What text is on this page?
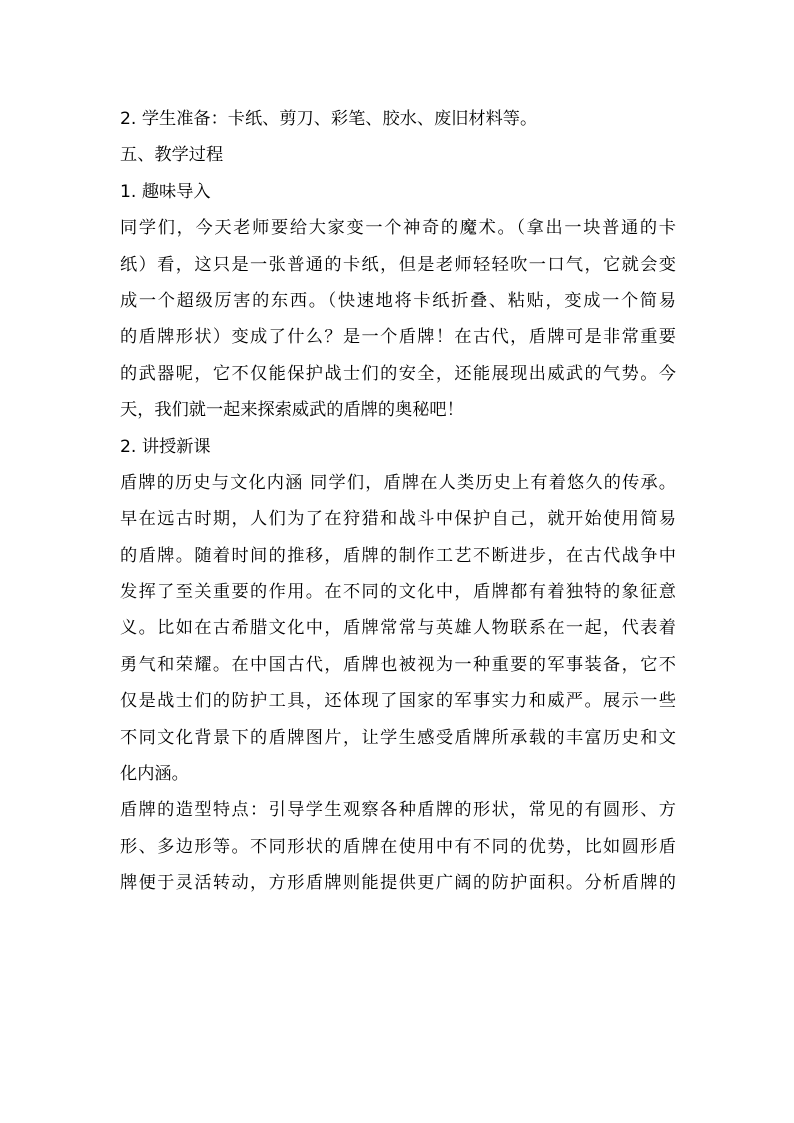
2. 学生准备：卡纸、剪刀、彩笔、胶水、废旧材料等。
五、教学过程
1. 趣味导入
同学们，今天老师要给大家变一个神奇的魔术。（拿出一块普通的卡
纸）看，这只是一张普通的卡纸，但是老师轻轻吹一口气，它就会变
成一个超级厉害的东西。（快速地将卡纸折叠、粘贴，变成一个简易
的盾牌形状）变成了什么？是一个盾牌！在古代，盾牌可是非常重要
的武器呢，它不仅能保护战士们的安全，还能展现出威武的气势。今
天，我们就一起来探索威武的盾牌的奥秘吧！
2. 讲授新课
盾牌的历史与文化内涵 同学们，盾牌在人类历史上有着悠久的传承。
早在远古时期，人们为了在狩猎和战斗中保护自己，就开始使用简易
的盾牌。随着时间的推移，盾牌的制作工艺不断进步，在古代战争中
发挥了至关重要的作用。在不同的文化中，盾牌都有着独特的象征意
义。比如在古希腊文化中，盾牌常常与英雄人物联系在一起，代表着
勇气和荣耀。在中国古代，盾牌也被视为一种重要的军事装备，它不
仅是战士们的防护工具，还体现了国家的军事实力和威严。展示一些
不同文化背景下的盾牌图片，让学生感受盾牌所承载的丰富历史和文
化内涵。
盾牌的造型特点：引导学生观察各种盾牌的形状，常见的有圆形、方
形、多边形等。不同形状的盾牌在使用中有不同的优势，比如圆形盾
牌便于灵活转动，方形盾牌则能提供更广阔的防护面积。分析盾牌的
